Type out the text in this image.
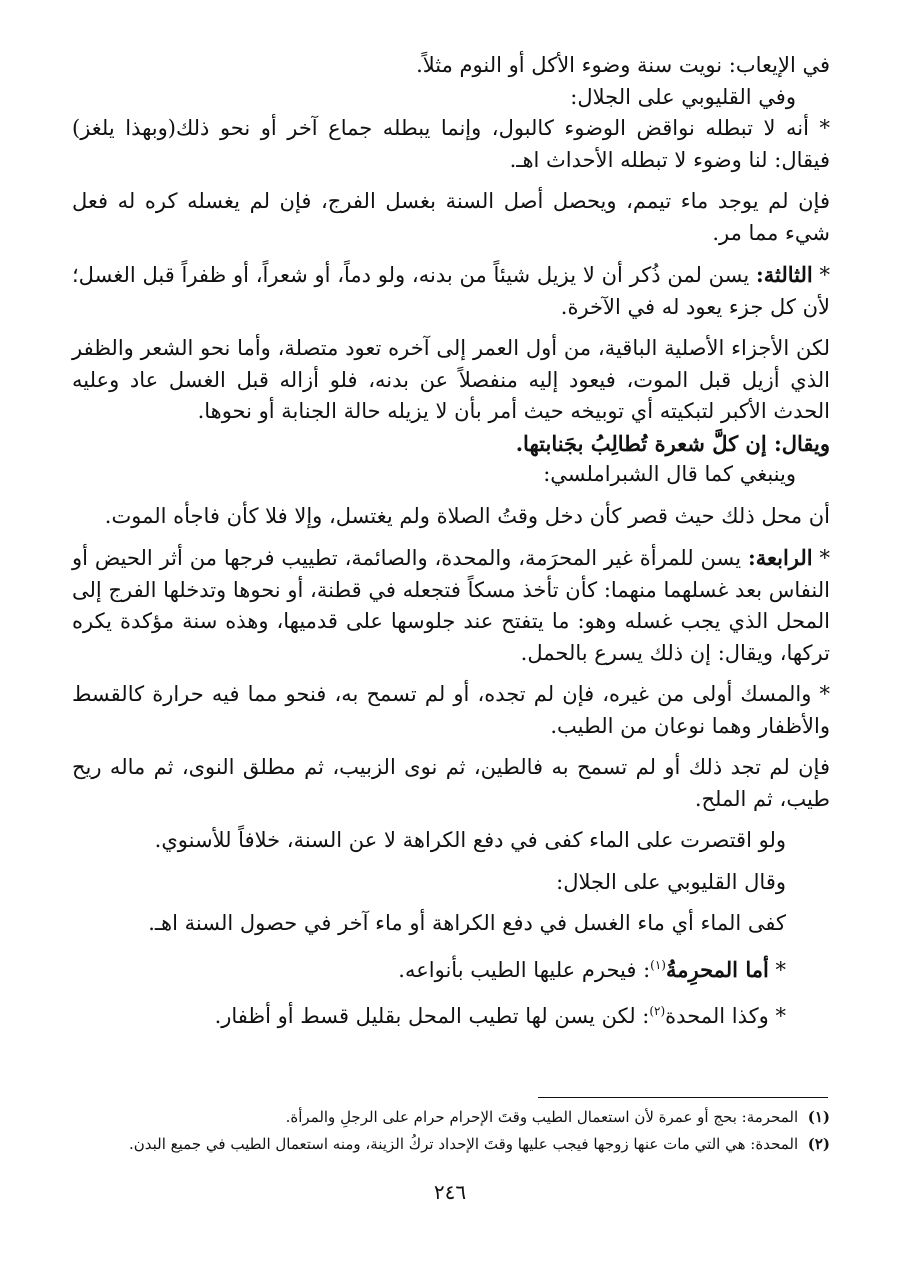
في الإيعاب: نويت سنة وضوء الأكل أو النوم مثلاً.

وفي القليوبي على الجلال:

* أنه لا تبطله نواقض الوضوء كالبول، وإنما يبطله جماع آخر أو نحو ذلك(وبهذا يلغز) فيقال: لنا وضوء لا تبطله الأحداث اهـ.

فإن لم يوجد ماء تيمم، ويحصل أصل السنة بغسل الفرج، فإن لم يغسله كره له فعل شيء مما مر.

* الثالثة: يسن لمن ذُكر أن لا يزيل شيئاً من بدنه، ولو دماً، أو شعراً، أو ظفراً قبل الغسل؛ لأن كل جزء يعود له في الآخرة.

لكن الأجزاء الأصلية الباقية، من أول العمر إلى آخره تعود متصلة، وأما نحو الشعر والظفر الذي أزيل قبل الموت، فيعود إليه منفصلاً عن بدنه، فلو أزاله قبل الغسل عاد وعليه الحدث الأكبر لتبكيته أي توبيخه حيث أمر بأن لا يزيله حالة الجنابة أو نحوها.

ويقال: إن كلَّ شعرة تُطالِبُ بجَنابتها.

وينبغي كما قال الشبراملسي:

أن محل ذلك حيث قصر كأن دخل وقتُ الصلاة ولم يغتسل، وإلا فلا كأن فاجأه الموت.

* الرابعة: يسن للمرأة غير المحرَمة، والمحدة، والصائمة، تطييب فرجها من أثر الحيض أو النفاس بعد غسلهما منهما: كأن تأخذ مسكاً فتجعله في قطنة، أو نحوها وتدخلها الفرج إلى المحل الذي يجب غسله وهو: ما يتفتح عند جلوسها على قدميها، وهذه سنة مؤكدة يكره تركها، ويقال: إن ذلك يسرع بالحمل.

* والمسك أولى من غيره، فإن لم تجده، أو لم تسمح به، فنحو مما فيه حرارة كالقسط والأظفار وهما نوعان من الطيب.

فإن لم تجد ذلك أو لم تسمح به فالطين، ثم نوى الزبيب، ثم مطلق النوى، ثم ماله ريح طيب، ثم الملح.

ولو اقتصرت على الماء كفى في دفع الكراهة لا عن السنة، خلافاً للأسنوي.

وقال القليوبي على الجلال:

كفى الماء أي ماء الغسل في دفع الكراهة أو ماء آخر في حصول السنة اهـ.

* أما المحرِمةُ$^{(١)}$: فيحرم عليها الطيب بأنواعه.

* وكذا المحدة$^{(٢)}$: لكن يسن لها تطيب المحل بقليل قسط أو أظفار.

(١)  المحرمة: بحج أو عمرة لأن استعمال الطيب وقتَ الإحرام حرام على الرجلِ والمرأة.

(٢)  المحدة: هي التي مات عنها زوجها فيجب عليها وقتَ الإحداد تركُ الزينة، ومنه استعمال الطيب في جميع البدن.

٢٤٦
